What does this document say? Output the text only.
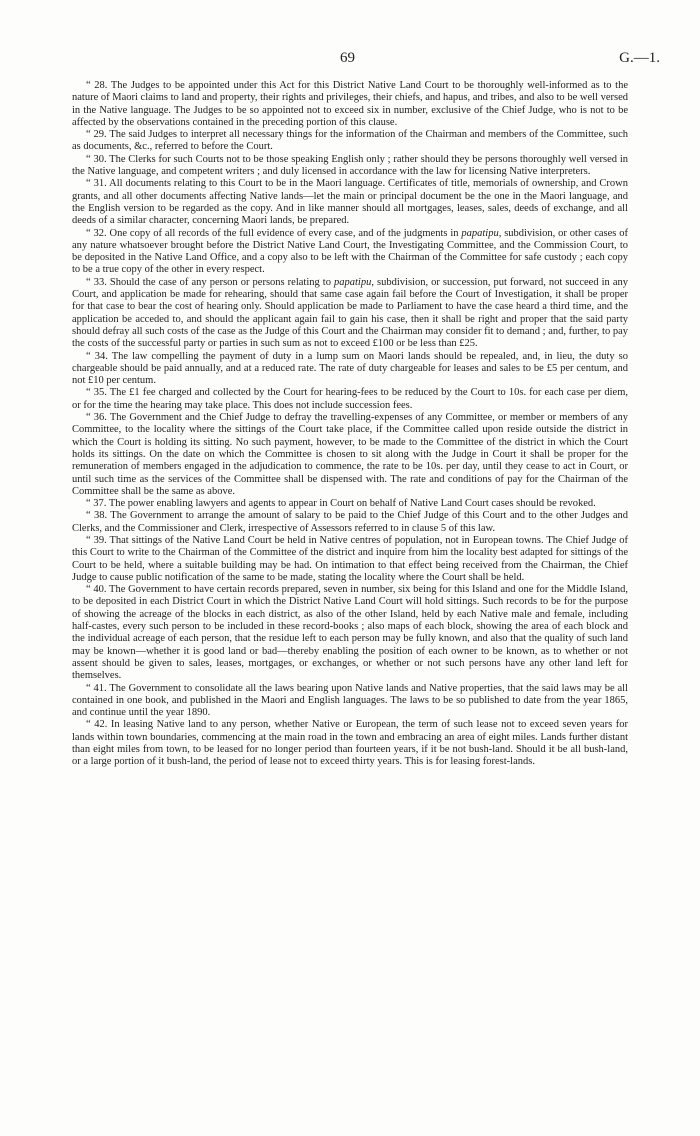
69	G.—1.

“ 28. The Judges to be appointed under this Act for this District Native Land Court to be thoroughly well-informed as to the nature of Maori claims to land and property, their rights and privileges, their chiefs, and hapus, and tribes, and also to be well versed in the Native language. The Judges to be so appointed not to exceed six in number, exclusive of the Chief Judge, who is not to be affected by the observations contained in the preceding portion of this clause.

“ 29. The said Judges to interpret all necessary things for the information of the Chairman and members of the Committee, such as documents, &c., referred to before the Court.

“ 30. The Clerks for such Courts not to be those speaking English only ; rather should they be persons thoroughly well versed in the Native language, and competent writers ; and duly licensed in accordance with the law for licensing Native interpreters.

“ 31. All documents relating to this Court to be in the Maori language. Certificates of title, memorials of ownership, and Crown grants, and all other documents affecting Native lands—let the main or principal document be the one in the Maori language, and the English version to be regarded as the copy. And in like manner should all mortgages, leases, sales, deeds of exchange, and all deeds of a similar character, concerning Maori lands, be prepared.

“ 32. One copy of all records of the full evidence of every case, and of the judgments in papatipu, subdivision, or other cases of any nature whatsoever brought before the District Native Land Court, the Investigating Committee, and the Commission Court, to be deposited in the Native Land Office, and a copy also to be left with the Chairman of the Committee for safe custody ; each copy to be a true copy of the other in every respect.

“ 33. Should the case of any person or persons relating to papatipu, subdivision, or succession, put forward, not succeed in any Court, and application be made for rehearing, should that same case again fail before the Court of Investigation, it shall be proper for that case to bear the cost of hearing only. Should application be made to Parliament to have the case heard a third time, and the application be acceded to, and should the applicant again fail to gain his case, then it shall be right and proper that the said party should defray all such costs of the case as the Judge of this Court and the Chairman may consider fit to demand ; and, further, to pay the costs of the successful party or parties in such sum as not to exceed £100 or be less than £25.

“ 34. The law compelling the payment of duty in a lump sum on Maori lands should be repealed, and, in lieu, the duty so chargeable should be paid annually, and at a reduced rate. The rate of duty chargeable for leases and sales to be £5 per centum, and not £10 per centum.

“ 35. The £1 fee charged and collected by the Court for hearing-fees to be reduced by the Court to 10s. for each case per diem, or for the time the hearing may take place. This does not include succession fees.

“ 36. The Government and the Chief Judge to defray the travelling-expenses of any Committee, or member or members of any Committee, to the locality where the sittings of the Court take place, if the Committee called upon reside outside the district in which the Court is holding its sitting. No such payment, however, to be made to the Committee of the district in which the Court holds its sittings. On the date on which the Committee is chosen to sit along with the Judge in Court it shall be proper for the remuneration of members engaged in the adjudication to commence, the rate to be 10s. per day, until they cease to act in Court, or until such time as the services of the Committee shall be dispensed with. The rate and conditions of pay for the Chairman of the Committee shall be the same as above.

“ 37. The power enabling lawyers and agents to appear in Court on behalf of Native Land Court cases should be revoked.

“ 38. The Government to arrange the amount of salary to be paid to the Chief Judge of this Court and to the other Judges and Clerks, and the Commissioner and Clerk, irrespective of Assessors referred to in clause 5 of this law.

“ 39. That sittings of the Native Land Court be held in Native centres of population, not in European towns. The Chief Judge of this Court to write to the Chairman of the Committee of the district and inquire from him the locality best adapted for sittings of the Court to be held, where a suitable building may be had. On intimation to that effect being received from the Chairman, the Chief Judge to cause public notification of the same to be made, stating the locality where the Court shall be held.

“ 40. The Government to have certain records prepared, seven in number, six being for this Island and one for the Middle Island, to be deposited in each District Court in which the District Native Land Court will hold sittings. Such records to be for the purpose of showing the acreage of the blocks in each district, as also of the other Island, held by each Native male and female, including half-castes, every such person to be included in these record-books ; also maps of each block, showing the area of each block and the individual acreage of each person, that the residue left to each person may be fully known, and also that the quality of such land may be known—whether it is good land or bad—thereby enabling the position of each owner to be known, as to whether or not assent should be given to sales, leases, mortgages, or exchanges, or whether or not such persons have any other land left for themselves.

“ 41. The Government to consolidate all the laws bearing upon Native lands and Native properties, that the said laws may be all contained in one book, and published in the Maori and English languages. The laws to be so published to date from the year 1865, and continue until the year 1890.

“ 42. In leasing Native land to any person, whether Native or European, the term of such lease not to exceed seven years for lands within town boundaries, commencing at the main road in the town and embracing an area of eight miles. Lands further distant than eight miles from town, to be leased for no longer period than fourteen years, if it be not bush-land. Should it be all bush-land, or a large portion of it bush-land, the period of lease not to exceed thirty years. This is for leasing forest-lands.
